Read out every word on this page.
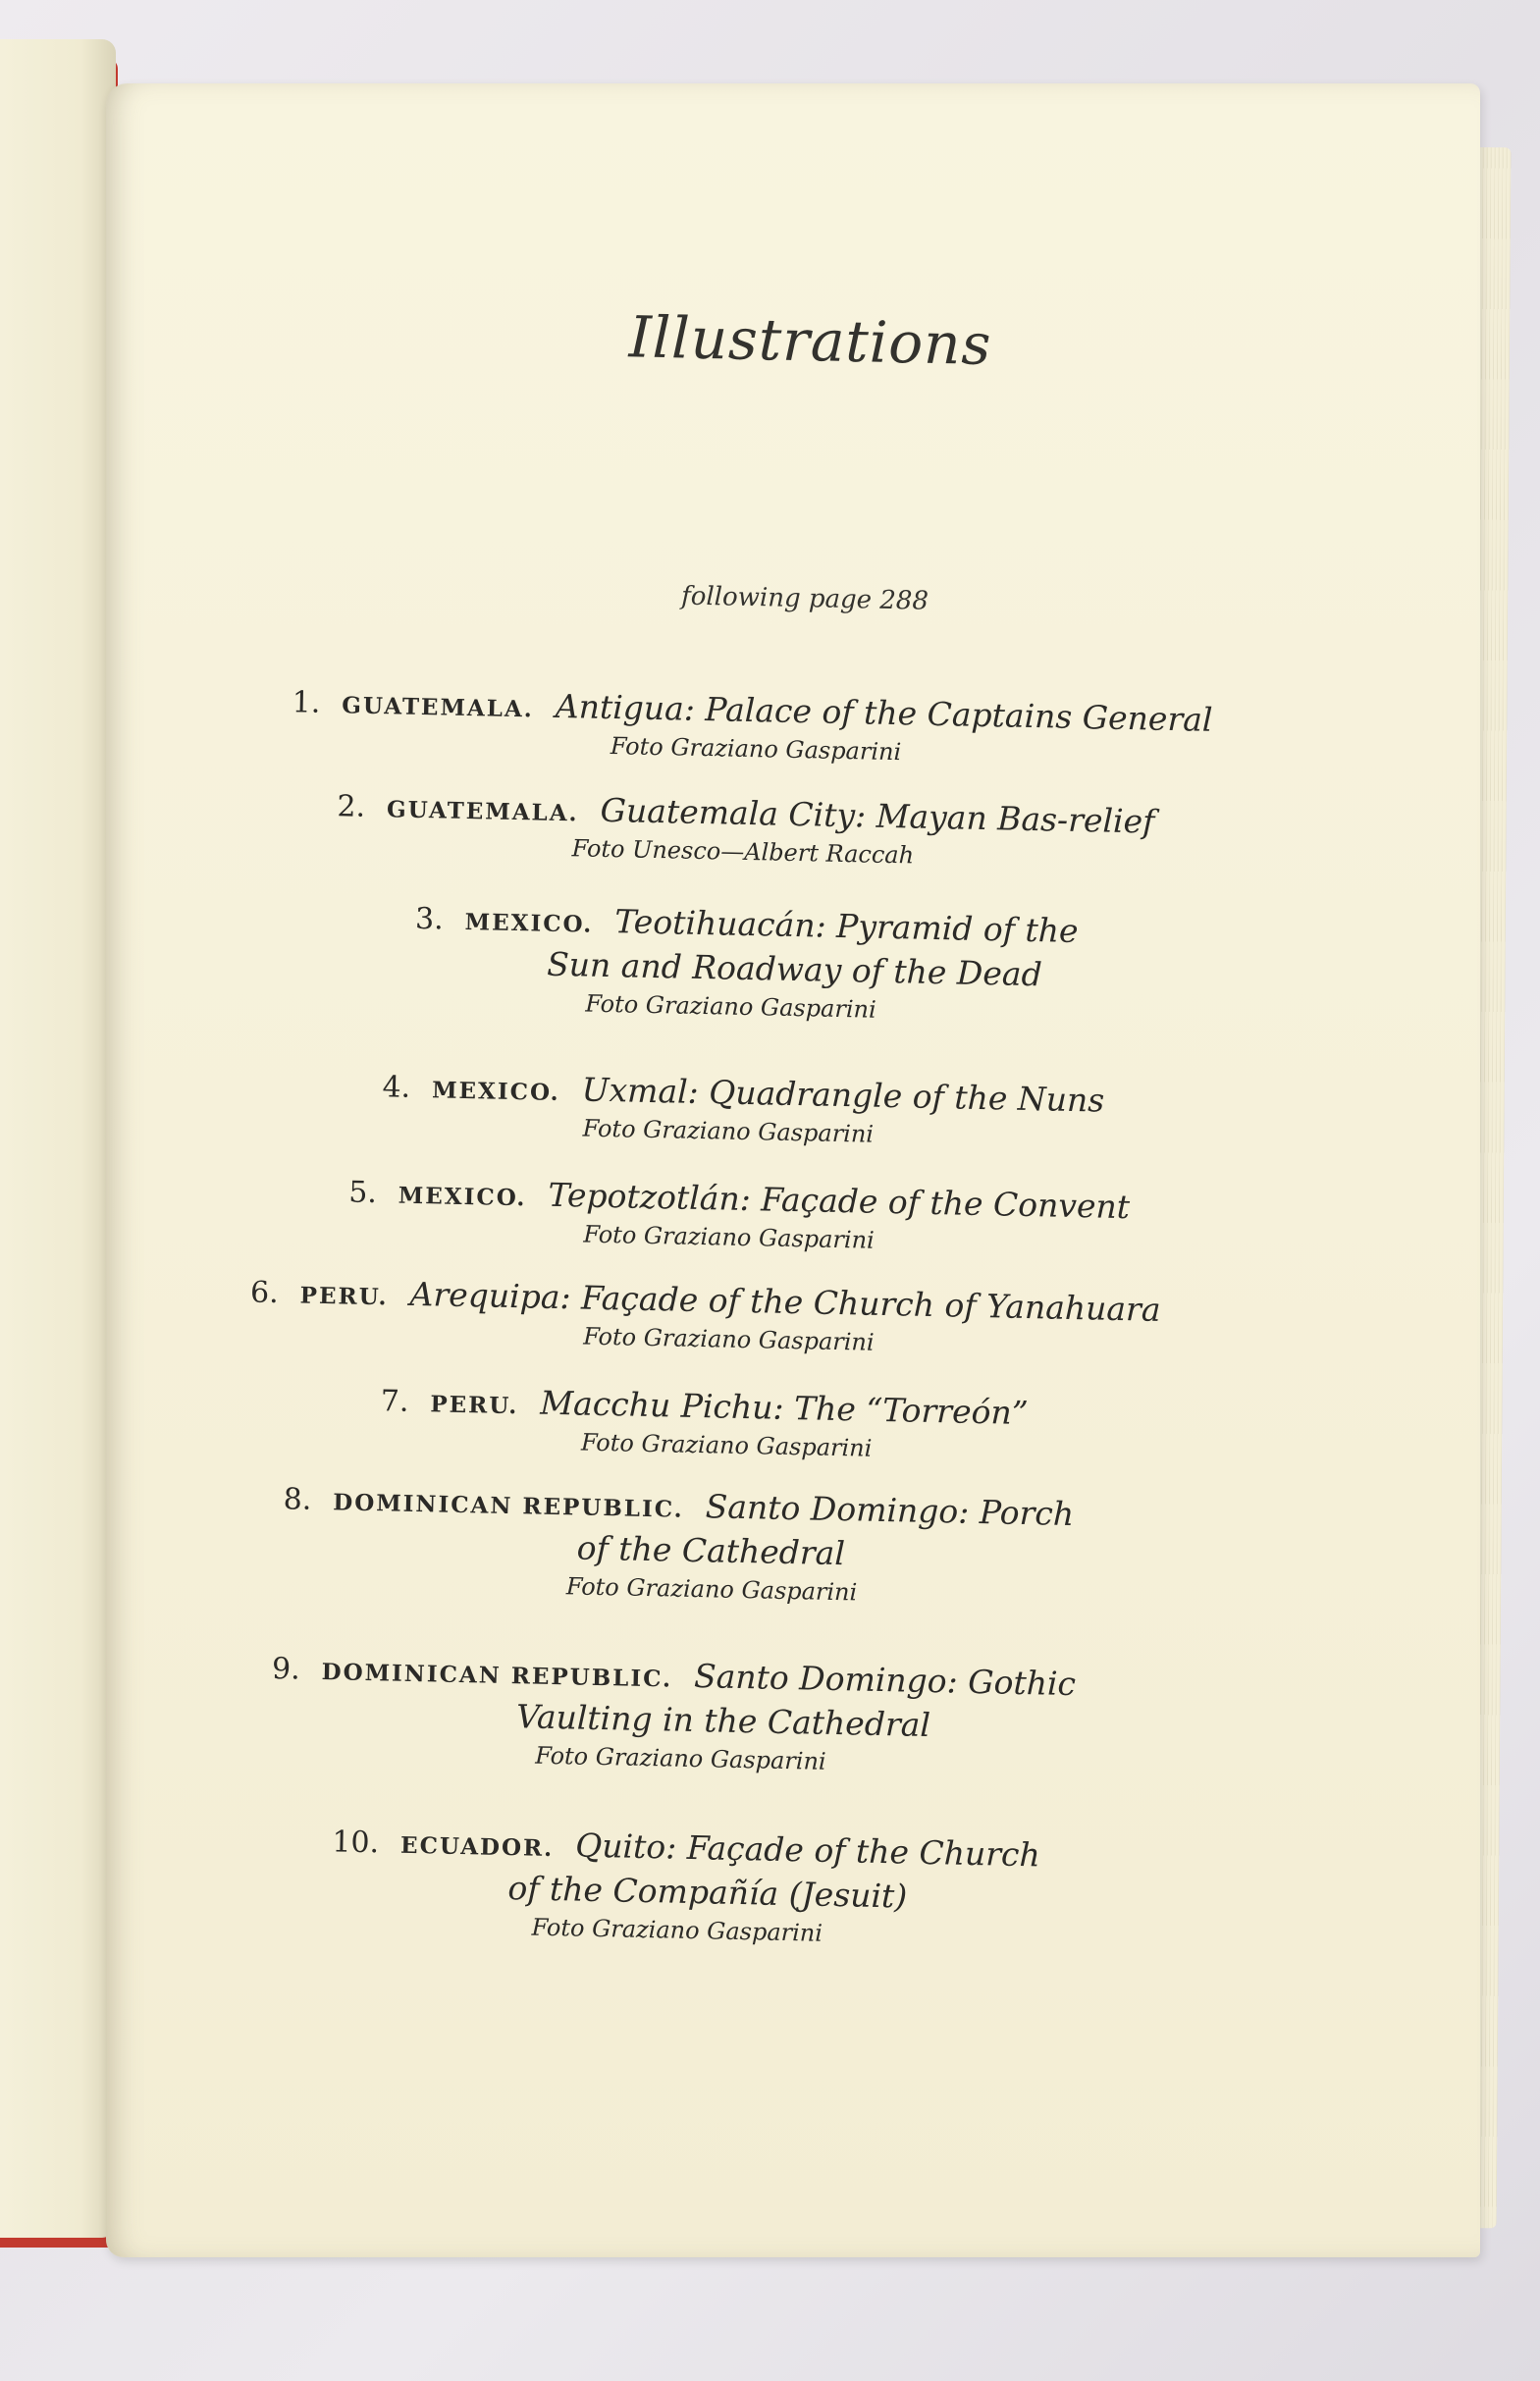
Illustrations
following page 288
1. GUATEMALA. Antigua: Palace of the Captains General
Foto Graziano Gasparini
2. GUATEMALA. Guatemala City: Mayan Bas-relief
Foto Unesco—Albert Raccah
3. MEXICO. Teotihuacán: Pyramid of the
Sun and Roadway of the Dead
Foto Graziano Gasparini
4. MEXICO. Uxmal: Quadrangle of the Nuns
Foto Graziano Gasparini
5. MEXICO. Tepotzotlán: Façade of the Convent
Foto Graziano Gasparini
6. PERU. Arequipa: Façade of the Church of Yanahuara
Foto Graziano Gasparini
7. PERU. Macchu Pichu: The “Torreón”
Foto Graziano Gasparini
8. DOMINICAN REPUBLIC. Santo Domingo: Porch
of the Cathedral
Foto Graziano Gasparini
9. DOMINICAN REPUBLIC. Santo Domingo: Gothic
Vaulting in the Cathedral
Foto Graziano Gasparini
10. ECUADOR. Quito: Façade of the Church
of the Compañía (Jesuit)
Foto Graziano Gasparini
